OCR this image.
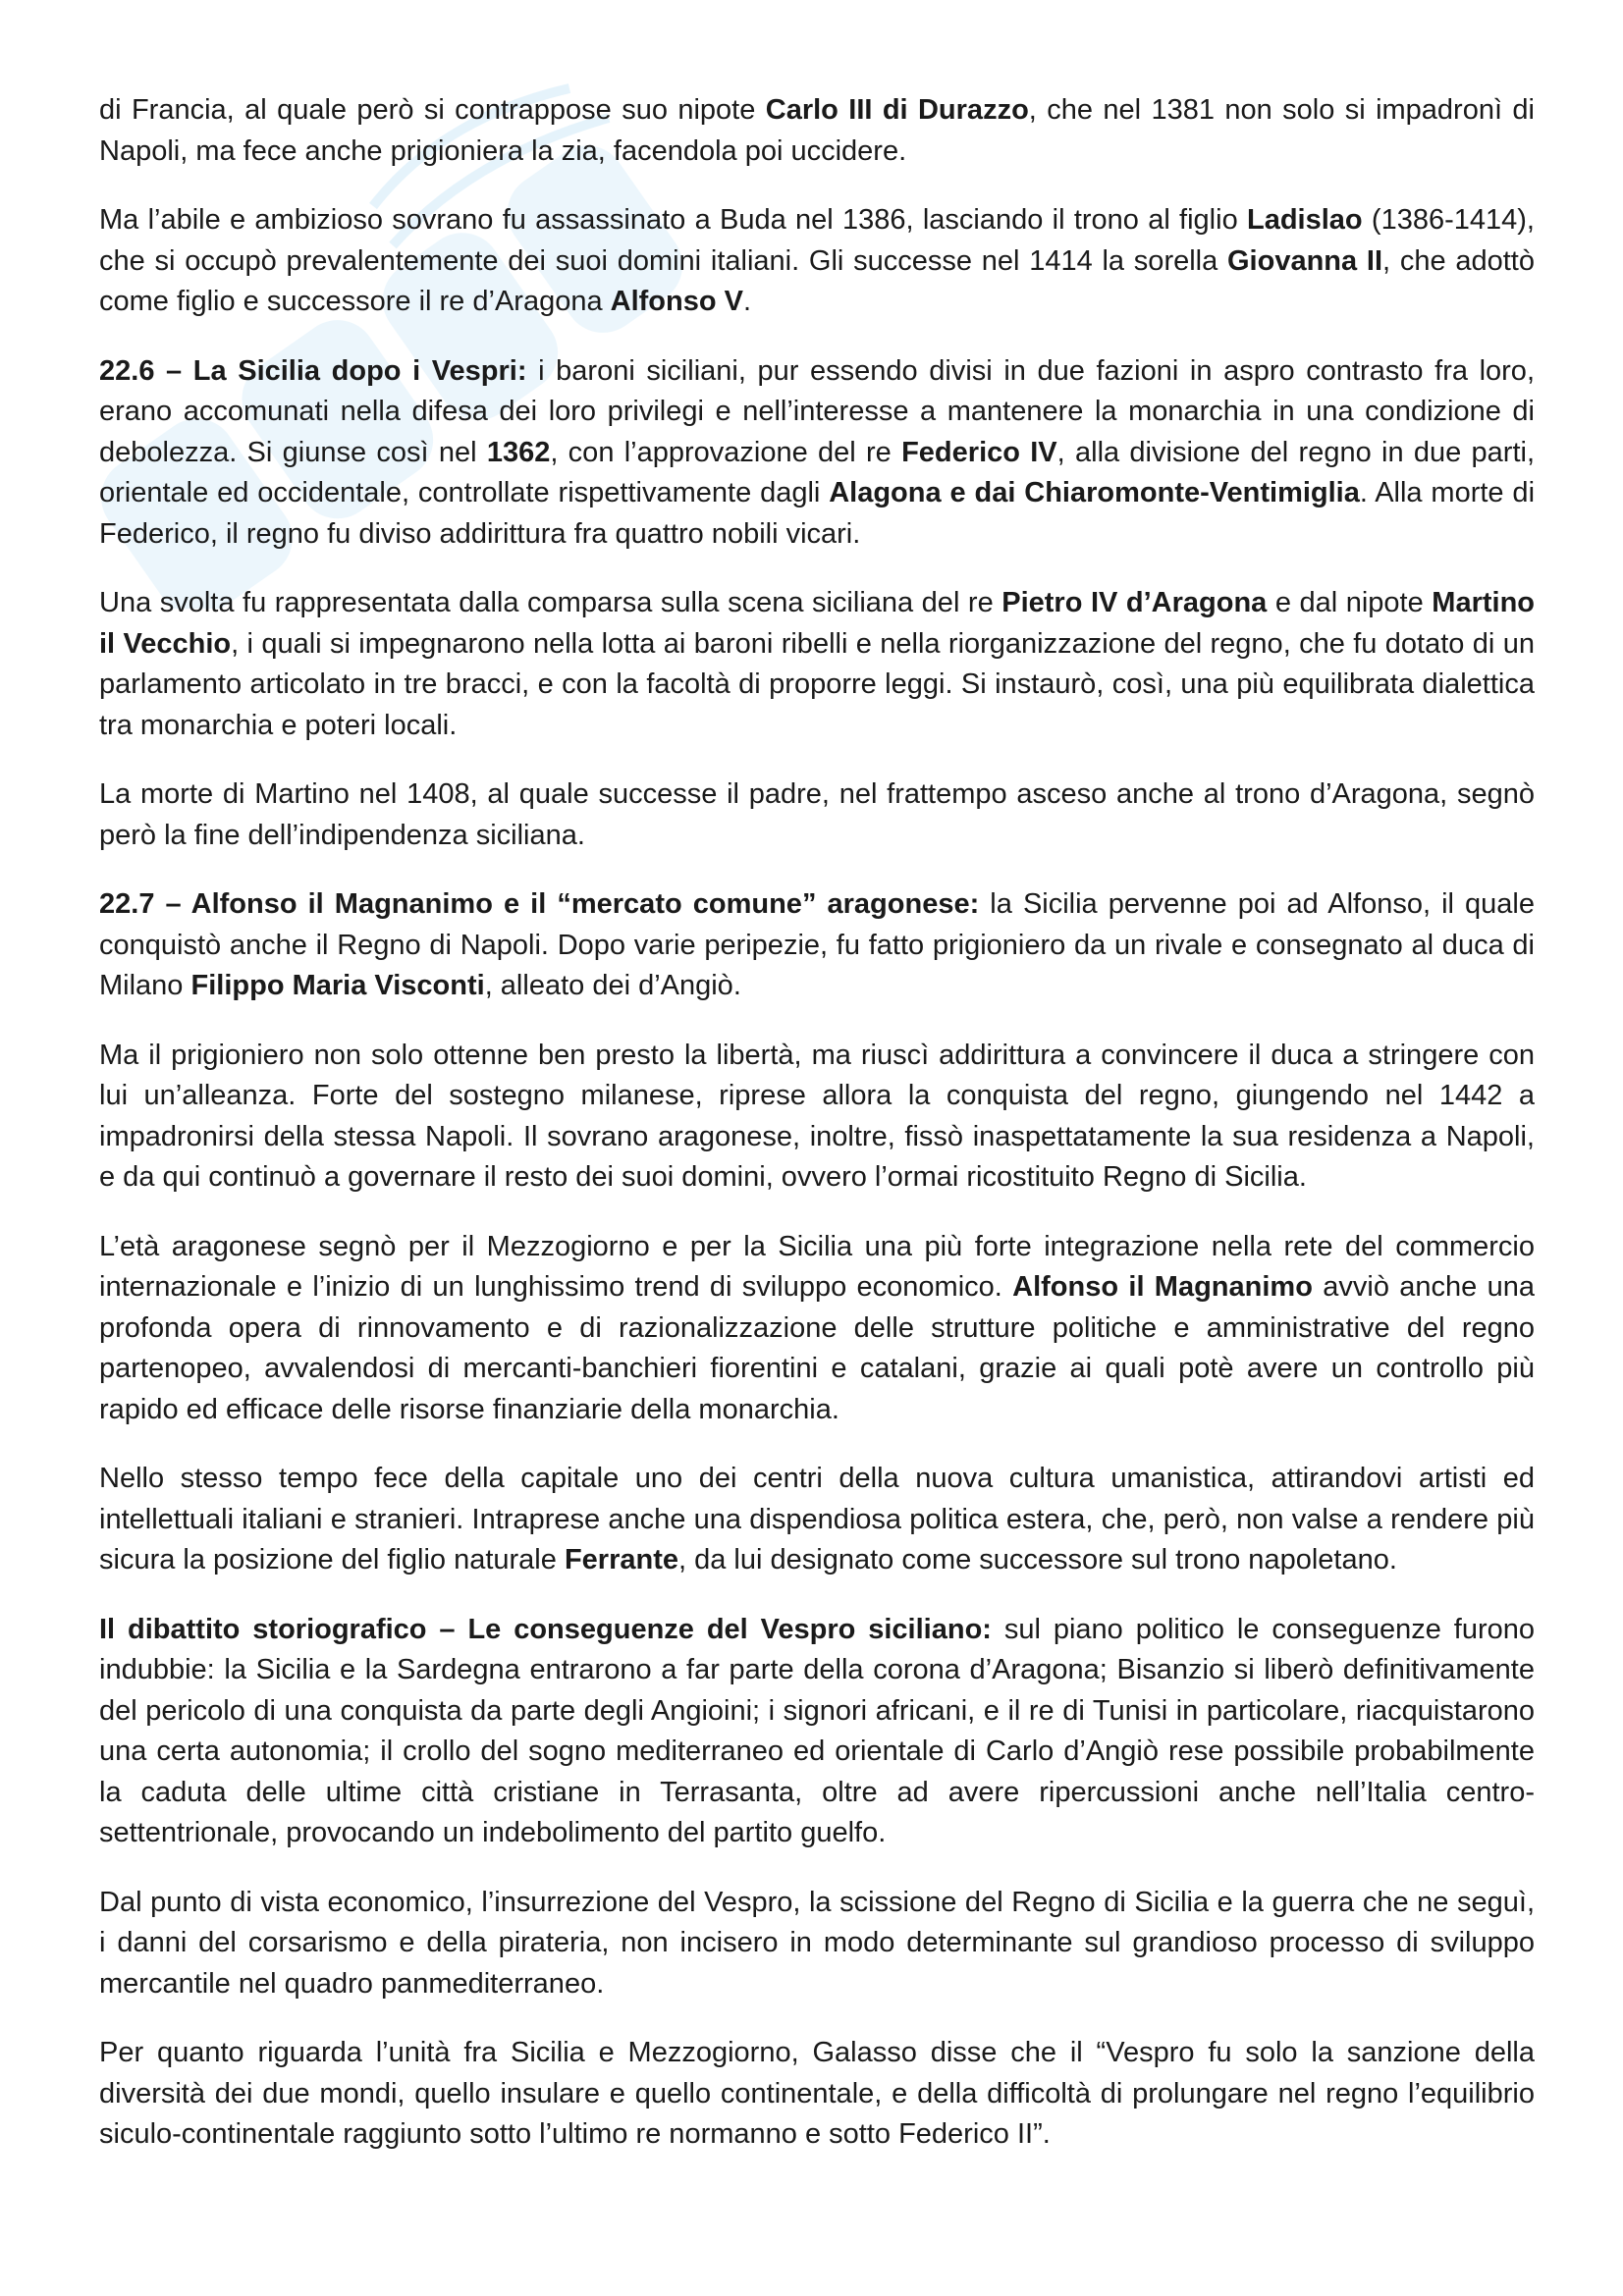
di Francia, al quale però si contrappose suo nipote Carlo III di Durazzo, che nel 1381 non solo si impadronì di Napoli, ma fece anche prigioniera la zia, facendola poi uccidere.

Ma l’abile e ambizioso sovrano fu assassinato a Buda nel 1386, lasciando il trono al figlio Ladislao (1386-1414), che si occupò prevalentemente dei suoi domini italiani. Gli successe nel 1414 la sorella Giovanna II, che adottò come figlio e successore il re d’Aragona Alfonso V.

22.6 – La Sicilia dopo i Vespri: i baroni siciliani, pur essendo divisi in due fazioni in aspro contrasto fra loro, erano accomunati nella difesa dei loro privilegi e nell’interesse a mantenere la monarchia in una condizione di debolezza. Si giunse così nel 1362, con l’approvazione del re Federico IV, alla divisione del regno in due parti, orientale ed occidentale, controllate rispettivamente dagli Alagona e dai Chiaromonte-Ventimiglia. Alla morte di Federico, il regno fu diviso addirittura fra quattro nobili vicari.

Una svolta fu rappresentata dalla comparsa sulla scena siciliana del re Pietro IV d’Aragona e dal nipote Martino il Vecchio, i quali si impegnarono nella lotta ai baroni ribelli e nella riorganizzazione del regno, che fu dotato di un parlamento articolato in tre bracci, e con la facoltà di proporre leggi. Si instaurò, così, una più equilibrata dialettica tra monarchia e poteri locali.

La morte di Martino nel 1408, al quale successe il padre, nel frattempo asceso anche al trono d’Aragona, segnò però la fine dell’indipendenza siciliana.

22.7 – Alfonso il Magnanimo e il “mercato comune” aragonese: la Sicilia pervenne poi ad Alfonso, il quale conquistò anche il Regno di Napoli. Dopo varie peripezie, fu fatto prigioniero da un rivale e consegnato al duca di Milano Filippo Maria Visconti, alleato dei d’Angiò.

Ma il prigioniero non solo ottenne ben presto la libertà, ma riuscì addirittura a convincere il duca a stringere con lui un’alleanza. Forte del sostegno milanese, riprese allora la conquista del regno, giungendo nel 1442 a impadronirsi della stessa Napoli. Il sovrano aragonese, inoltre, fissò inaspettatamente la sua residenza a Napoli, e da qui continuò a governare il resto dei suoi domini, ovvero l’ormai ricostituito Regno di Sicilia.

L’età aragonese segnò per il Mezzogiorno e per la Sicilia una più forte integrazione nella rete del commercio internazionale e l’inizio di un lunghissimo trend di sviluppo economico. Alfonso il Magnanimo avviò anche una profonda opera di rinnovamento e di razionalizzazione delle strutture politiche e amministrative del regno partenopeo, avvalendosi di mercanti-banchieri fiorentini e catalani, grazie ai quali potè avere un controllo più rapido ed efficace delle risorse finanziarie della monarchia.

Nello stesso tempo fece della capitale uno dei centri della nuova cultura umanistica, attirandovi artisti ed intellettuali italiani e stranieri. Intraprese anche una dispendiosa politica estera, che, però, non valse a rendere più sicura la posizione del figlio naturale Ferrante, da lui designato come successore sul trono napoletano.

Il dibattito storiografico – Le conseguenze del Vespro siciliano: sul piano politico le conseguenze furono indubbie: la Sicilia e la Sardegna entrarono a far parte della corona d’Aragona; Bisanzio si liberò definitivamente del pericolo di una conquista da parte degli Angioini; i signori africani, e il re di Tunisi in particolare, riacquistarono una certa autonomia; il crollo del sogno mediterraneo ed orientale di Carlo d’Angiò rese possibile probabilmente la caduta delle ultime città cristiane in Terrasanta, oltre ad avere ripercussioni anche nell’Italia centro-settentrionale, provocando un indebolimento del partito guelfo.

Dal punto di vista economico, l’insurrezione del Vespro, la scissione del Regno di Sicilia e la guerra che ne seguì, i danni del corsarismo e della pirateria, non incisero in modo determinante sul grandioso processo di sviluppo mercantile nel quadro panmediterraneo.

Per quanto riguarda l’unità fra Sicilia e Mezzogiorno, Galasso disse che il “Vespro fu solo la sanzione della diversità dei due mondi, quello insulare e quello continentale, e della difficoltà di prolungare nel regno l’equilibrio siculo-continentale raggiunto sotto l’ultimo re normanno e sotto Federico II”.
